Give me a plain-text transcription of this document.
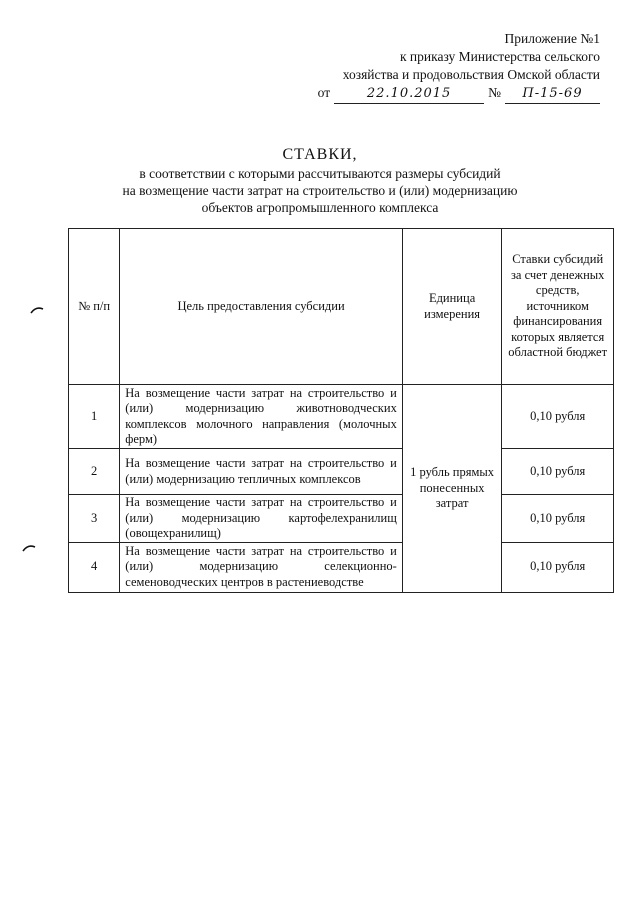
Приложение №1
к приказу Министерства сельского
хозяйства и продовольствия Омской области
от	22.10.2015	№	П-15-69
СТАВКИ,
в соответствии с которыми рассчитываются размеры субсидий
на возмещение части затрат на строительство и (или) модернизацию
объектов агропромышленного комплекса
№ п/п	Цель предоставления субсидии	Единица измерения	Ставки субсидий за счет денежных средств, источником финансирования которых является областной бюджет
1	На возмещение части затрат на строительство и (или) модернизацию животноводческих комплексов молочного направления (молочных ферм)	1 рубль прямых понесенных затрат	0,10 рубля
2	На возмещение части затрат на строительство и (или) модернизацию тепличных комплексов		0,10 рубля
3	На возмещение части затрат на строительство и (или) модернизацию картофелехранилищ (овощехранилищ)		0,10 рубля
4	На возмещение части затрат на строительство и (или) модернизацию селекционно-семеноводческих центров в растениеводстве		0,10 рубля
